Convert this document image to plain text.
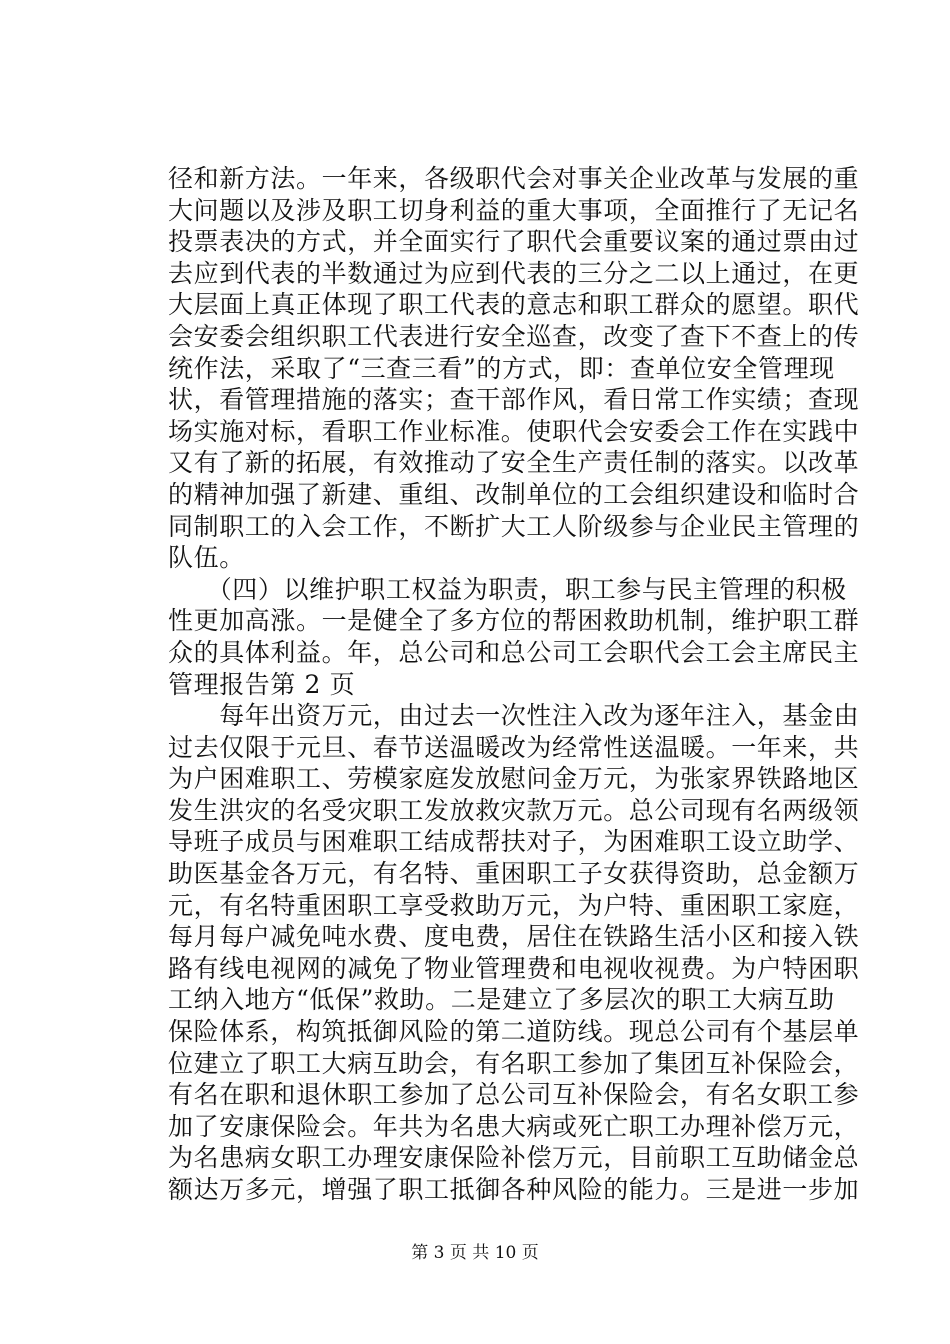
径和新方法。一年来，各级职代会对事关企业改革与发展的重
大问题以及涉及职工切身利益的重大事项，全面推行了无记名
投票表决的方式，并全面实行了职代会重要议案的通过票由过
去应到代表的半数通过为应到代表的三分之二以上通过，在更
大层面上真正体现了职工代表的意志和职工群众的愿望。职代
会安委会组织职工代表进行安全巡查，改变了查下不查上的传
统作法，采取了“三查三看”的方式，即：查单位安全管理现
状，看管理措施的落实；查干部作风，看日常工作实绩；查现
场实施对标，看职工作业标准。使职代会安委会工作在实践中
又有了新的拓展，有效推动了安全生产责任制的落实。以改革
的精神加强了新建、重组、改制单位的工会组织建设和临时合
同制职工的入会工作，不断扩大工人阶级参与企业民主管理的
队伍。
　　（四）以维护职工权益为职责，职工参与民主管理的积极
性更加高涨。一是健全了多方位的帮困救助机制，维护职工群
众的具体利益。年，总公司和总公司工会职代会工会主席民主
管理报告第 2 页
　　每年出资万元，由过去一次性注入改为逐年注入，基金由
过去仅限于元旦、春节送温暖改为经常性送温暖。一年来，共
为户困难职工、劳模家庭发放慰问金万元，为张家界铁路地区
发生洪灾的名受灾职工发放救灾款万元。总公司现有名两级领
导班子成员与困难职工结成帮扶对子，为困难职工设立助学、
助医基金各万元，有名特、重困职工子女获得资助，总金额万
元，有名特重困职工享受救助万元，为户特、重困职工家庭，
每月每户减免吨水费、度电费，居住在铁路生活小区和接入铁
路有线电视网的减免了物业管理费和电视收视费。为户特困职
工纳入地方“低保”救助。二是建立了多层次的职工大病互助
保险体系，构筑抵御风险的第二道防线。现总公司有个基层单
位建立了职工大病互助会，有名职工参加了集团互补保险会，
有名在职和退休职工参加了总公司互补保险会，有名女职工参
加了安康保险会。年共为名患大病或死亡职工办理补偿万元，
为名患病女职工办理安康保险补偿万元，目前职工互助储金总
额达万多元，增强了职工抵御各种风险的能力。三是进一步加
第 3 页 共 10 页
